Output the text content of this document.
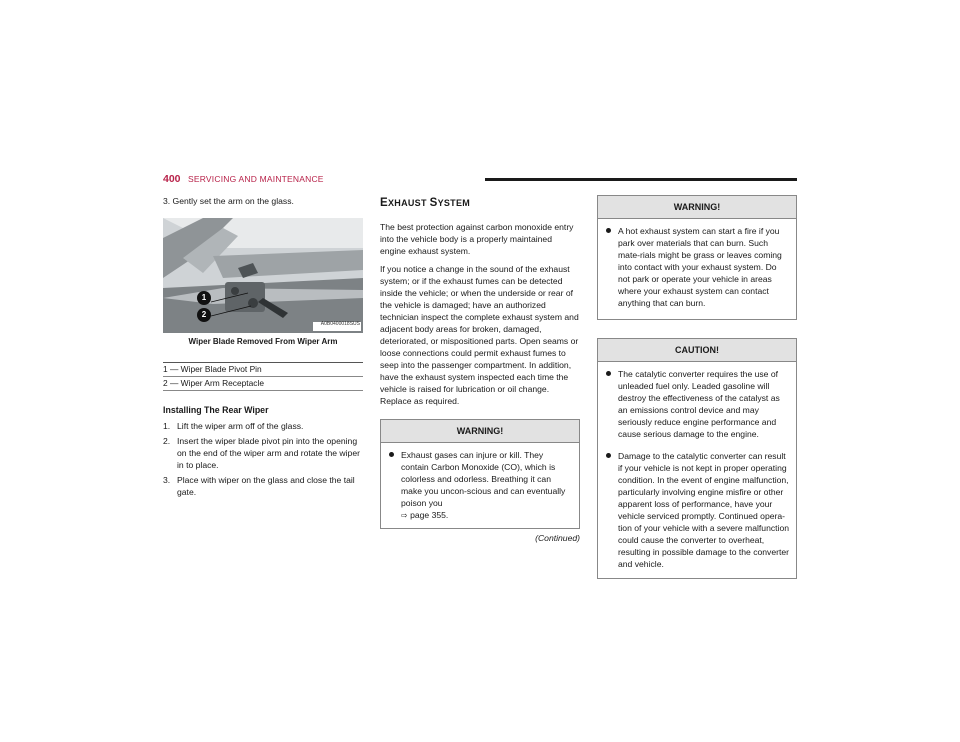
400 SERVICING AND MAINTENANCE

3. Gently set the arm on the glass.

1
2
A0B0400018SUS
Wiper Blade Removed From Wiper Arm
1 — Wiper Blade Pivot Pin
2 — Wiper Arm Receptacle
Installing The Rear Wiper
1. Lift the wiper arm off of the glass.
2. Insert the wiper blade pivot pin into the opening on the end of the wiper arm and rotate the wiper in to place.
3. Place with wiper on the glass and close the tail gate.
EXHAUST SYSTEM

The best protection against carbon monoxide entry into the vehicle body is a properly maintained engine exhaust system.

If you notice a change in the sound of the exhaust system; or if the exhaust fumes can be detected inside the vehicle; or when the underside or rear of the vehicle is damaged; have an authorized technician inspect the complete exhaust system and adjacent body areas for broken, damaged, deteriorated, or mispositioned parts. Open seams or loose connections could permit exhaust fumes to seep into the passenger compartment. In addition, have the exhaust system inspected each time the vehicle is raised for lubrication or oil change. Replace as required.

WARNING!
Exhaust gases can injure or kill. They contain Carbon Monoxide (CO), which is colorless and odorless. Breathing it can make you uncon-scious and can eventually poison you
⇨ page 355.
(Continued)
WARNING!
A hot exhaust system can start a fire if you park over materials that can burn. Such mate-rials might be grass or leaves coming into contact with your exhaust system. Do not park or operate your vehicle in areas where your exhaust system can contact anything that can burn.
CAUTION!
The catalytic converter requires the use of unleaded fuel only. Leaded gasoline will destroy the effectiveness of the catalyst as an emissions control device and may seriously reduce engine performance and cause serious damage to the engine.
Damage to the catalytic converter can result if your vehicle is not kept in proper operating condition. In the event of engine malfunction, particularly involving engine misfire or other apparent loss of performance, have your vehicle serviced promptly. Continued opera-tion of your vehicle with a severe malfunction could cause the converter to overheat, resulting in possible damage to the converter and vehicle.
